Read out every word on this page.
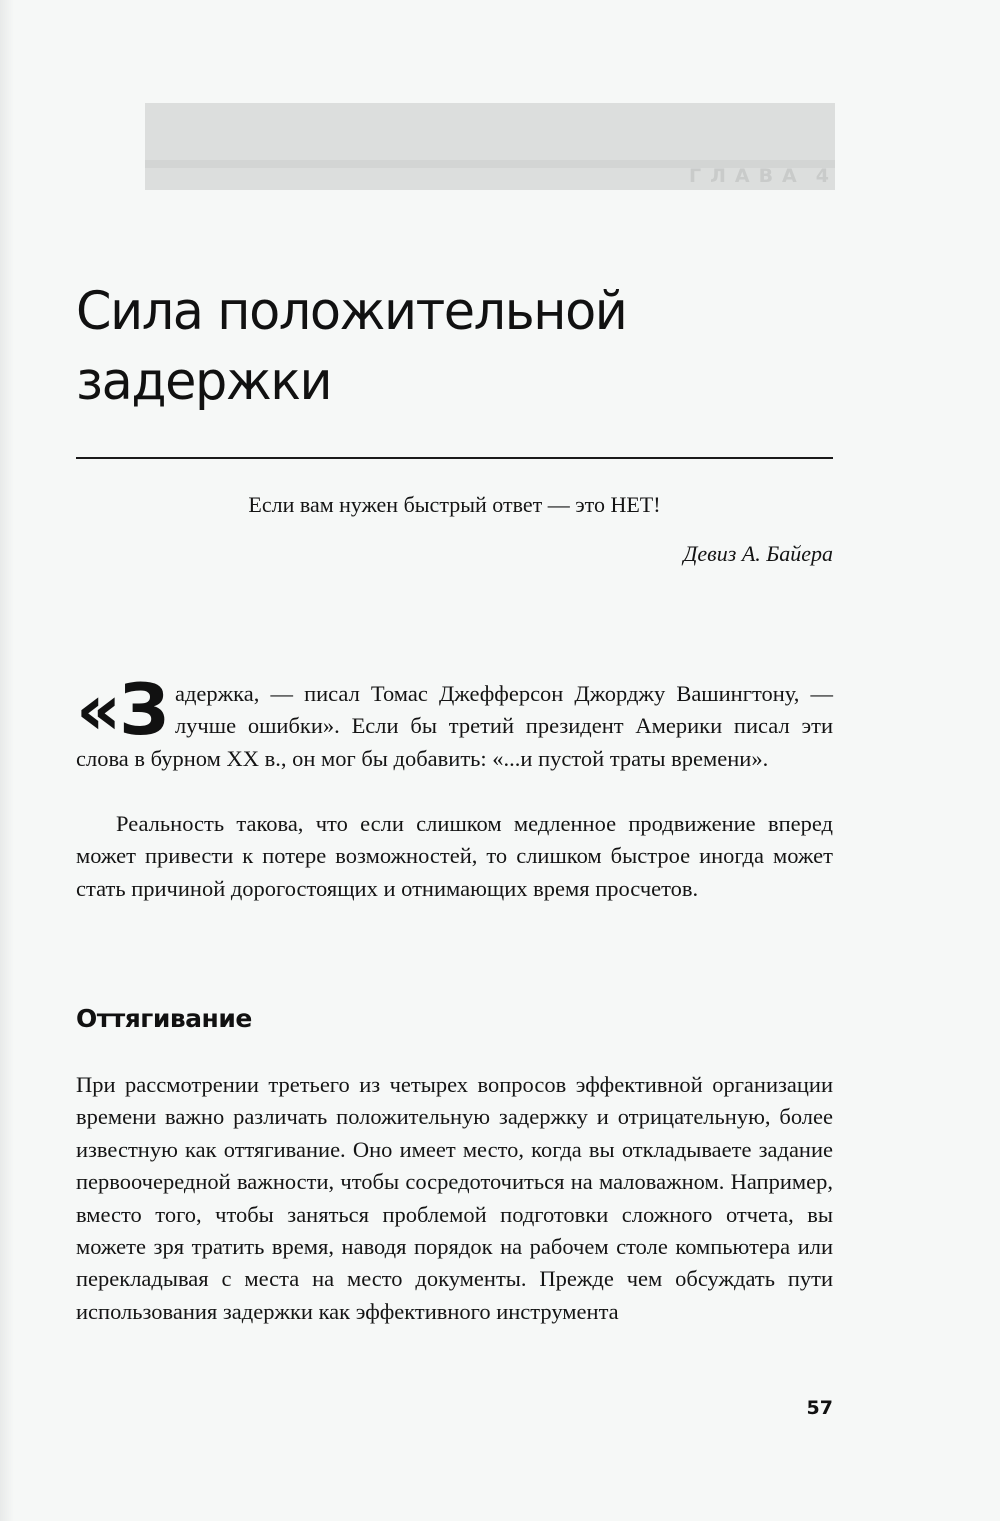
ГЛАВА 4
Сила положительной
задержки
Если вам нужен быстрый ответ — это НЕТ!
Девиз А. Байера

«Задержка, — писал Томас Джефферсон Джорджу Вашингтону, — лучше ошибки». Если бы третий президент Америки писал эти слова в бурном XX в., он мог бы добавить: «...и пустой траты времени».

Реальность такова, что если слишком медленное продвижение вперед может привести к потере возможностей, то слишком быстрое иногда может стать причиной дорогостоящих и отнимающих время просчетов.

Оттягивание

При рассмотрении третьего из четырех вопросов эффективной организации времени важно различать положительную задержку и отрицательную, более известную как оттягивание. Оно имеет место, когда вы откладываете задание первоочередной важности, чтобы сосредоточиться на маловажном. Например, вместо того, чтобы заняться проблемой подготовки сложного отчета, вы можете зря тратить время, наводя порядок на рабочем столе компьютера или перекладывая с места на место документы. Прежде чем обсуждать пути использования задержки как эффективного инструмента

57
